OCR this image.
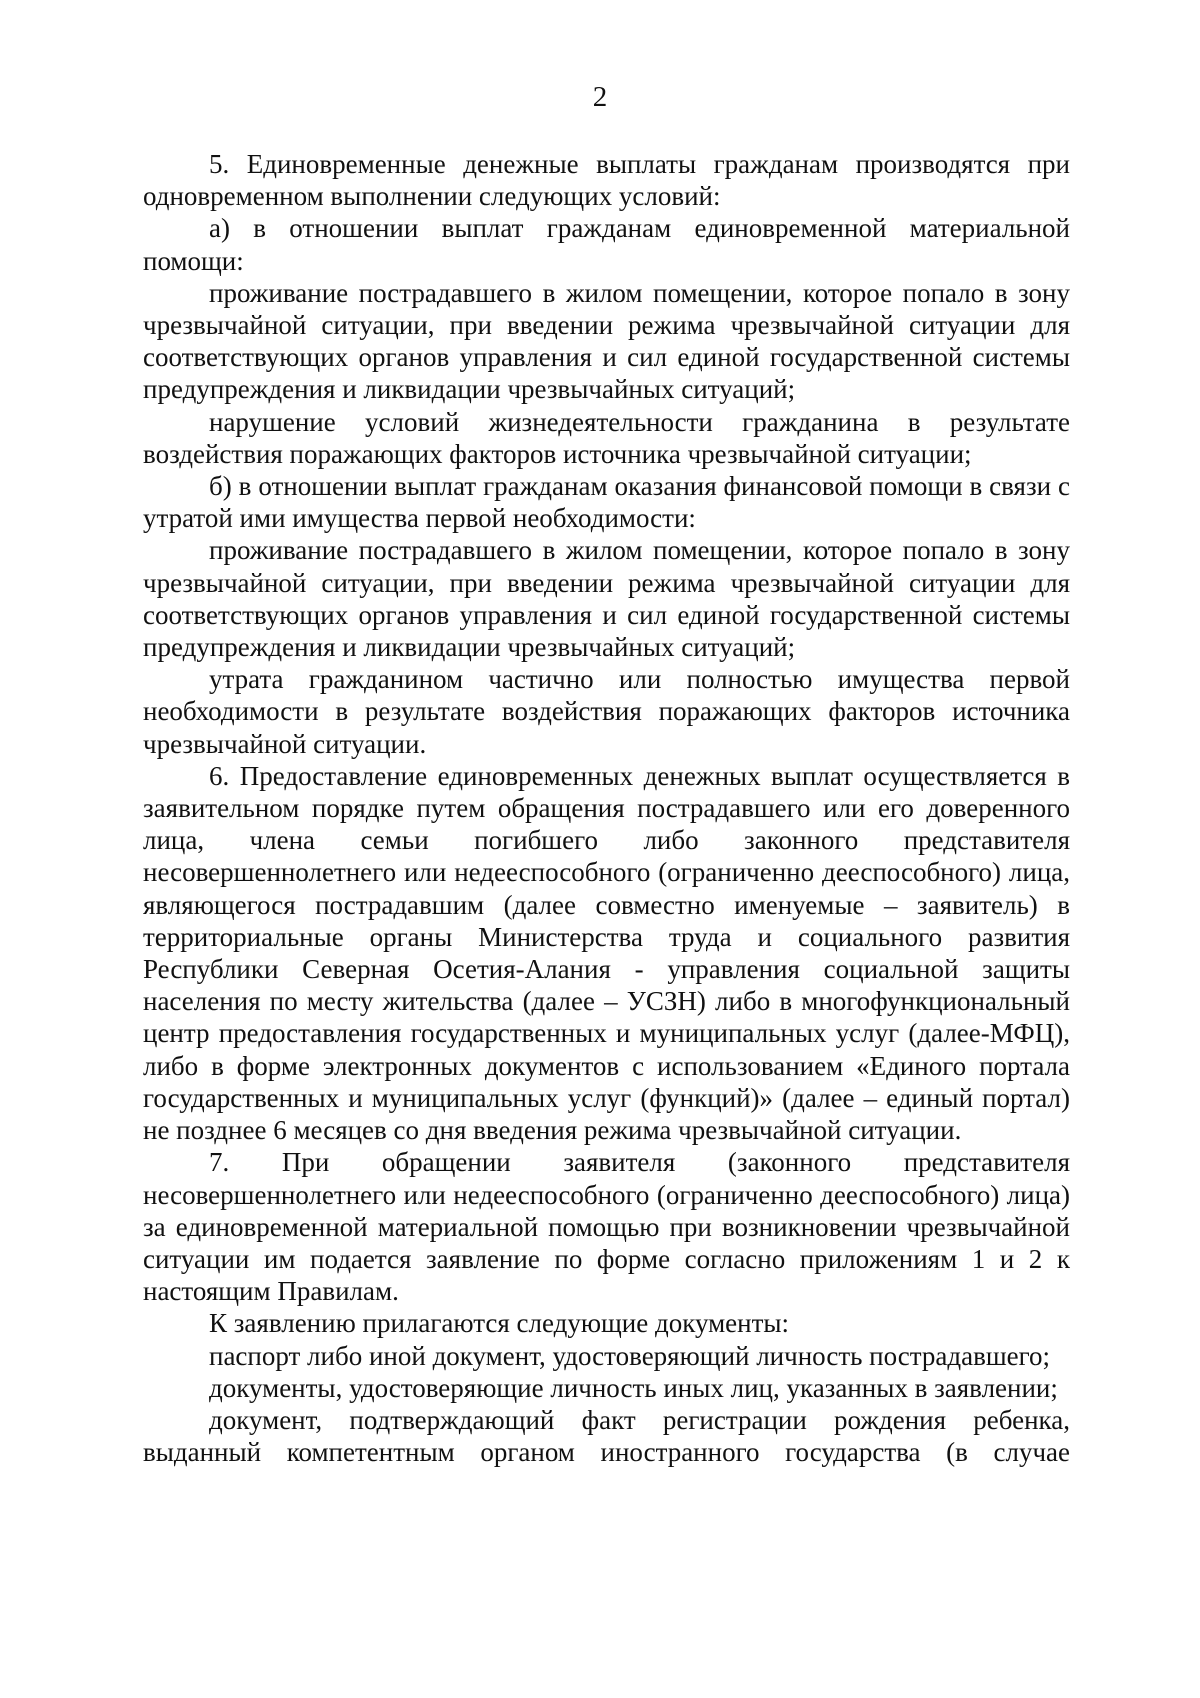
2

5. Единовременные денежные выплаты гражданам производятся при одновременном выполнении следующих условий:

а) в отношении выплат гражданам единовременной материальной помощи:

проживание пострадавшего в жилом помещении, которое попало в зону чрезвычайной ситуации, при введении режима чрезвычайной ситуации для соответствующих органов управления и сил единой государственной системы предупреждения и ликвидации чрезвычайных ситуаций;

нарушение условий жизнедеятельности гражданина в результате воздействия поражающих факторов источника чрезвычайной ситуации;

б) в отношении выплат гражданам оказания финансовой помощи в связи с утратой ими имущества первой необходимости:

проживание пострадавшего в жилом помещении, которое попало в зону чрезвычайной ситуации, при введении режима чрезвычайной ситуации для соответствующих органов управления и сил единой государственной системы предупреждения и ликвидации чрезвычайных ситуаций;

утрата гражданином частично или полностью имущества первой необходимости в результате воздействия поражающих факторов источника чрезвычайной ситуации.

6. Предоставление единовременных денежных выплат осуществляется в заявительном порядке путем обращения пострадавшего или его доверенного лица, члена семьи погибшего либо законного представителя несовершеннолетнего или недееспособного (ограниченно дееспособного) лица, являющегося пострадавшим (далее совместно именуемые – заявитель) в территориальные органы Министерства труда и социального развития Республики Северная Осетия-Алания - управления социальной защиты населения по месту жительства (далее – УСЗН) либо в многофункциональный центр предоставления государственных и муниципальных услуг (далее-МФЦ), либо в форме электронных документов с использованием «Единого портала государственных и муниципальных услуг (функций)» (далее – единый портал) не позднее 6 месяцев со дня введения режима чрезвычайной ситуации.

7. При обращении заявителя (законного представителя несовершеннолетнего или недееспособного (ограниченно дееспособного) лица) за единовременной материальной помощью при возникновении чрезвычайной ситуации им подается заявление по форме согласно приложениям 1 и 2 к настоящим Правилам.

К заявлению прилагаются следующие документы:

паспорт либо иной документ, удостоверяющий личность пострадавшего;

документы, удостоверяющие личность иных лиц, указанных в заявлении;

документ, подтверждающий факт регистрации рождения ребенка, выданный компетентным органом иностранного государства (в случае
